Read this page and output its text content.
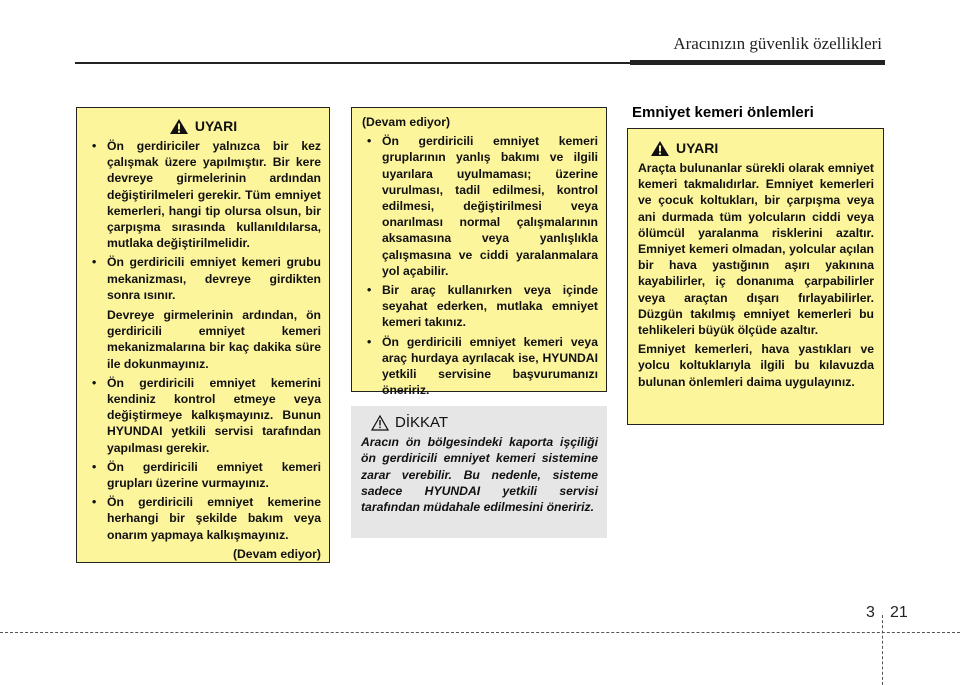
Aracınızın güvenlik özellikleri
UYARI
• Ön gerdiriciler yalnızca bir kez çalışmak üzere yapılmıştır. Bir kere devreye girmelerinin ardından değiştirilmeleri gerekir. Tüm emniyet kemerleri, hangi tip olursa olsun, bir çarpışma sırasında kullanıldılarsa, mutlaka değiştirilmelidir.
• Ön gerdiricili emniyet kemeri grubu mekanizması, devreye girdikten sonra ısınır.

Devreye girmelerinin ardından, ön gerdiricili emniyet kemeri mekanizmalarına bir kaç dakika süre ile dokunmayınız.

• Ön gerdiricili emniyet kemerini kendiniz kontrol etmeye veya değiştirmeye kalkışmayınız. Bunun HYUNDAI yetkili servisi tarafından yapılması gerekir.
• Ön gerdiricili emniyet kemeri grupları üzerine vurmayınız.
• Ön gerdiricili emniyet kemerine herhangi bir şekilde bakım veya onarım yapmaya kalkışmayınız.
(Devam ediyor)

(Devam ediyor)

• Ön gerdiricili emniyet kemeri gruplarının yanlış bakımı ve ilgili uyarılara uyulmaması; üzerine vurulması, tadil edilmesi, kontrol edilmesi, değiştirilmesi veya onarılması normal çalışmalarının aksamasına veya yanlışlıkla çalışmasına ve ciddi yaralanmalara yol açabilir.
• Bir araç kullanırken veya içinde seyahat ederken, mutlaka emniyet kemeri takınız.
• Ön gerdiricili emniyet kemeri veya araç hurdaya ayrılacak ise, HYUNDAI yetkili servisine başvurumanızı öneririz.
DİKKAT

Aracın ön bölgesindeki kaporta işçiliği ön gerdiricili emniyet kemeri sistemine zarar verebilir. Bu nedenle, sisteme sadece HYUNDAI yetkili servisi tarafından müdahale edilmesini öneririz.

Emniyet kemeri önlemleri
UYARI

Araçta bulunanlar sürekli olarak emniyet kemeri takmalıdırlar. Emniyet kemerleri ve çocuk koltukları, bir çarpışma veya ani durmada tüm yolcuların ciddi veya ölümcül yaralanma risklerini azaltır. Emniyet kemeri olmadan, yolcular açılan bir hava yastığının aşırı yakınına kayabilirler, iç donanıma çarpabilirler veya araçtan dışarı fırlayabilirler. Düzgün takılmış emniyet kemerleri bu tehlikeleri büyük ölçüde azaltır.

Emniyet kemerleri, hava yastıkları ve yolcu koltuklarıyla ilgili bu kılavuzda bulunan önlemleri daima uygulayınız.

3 21
